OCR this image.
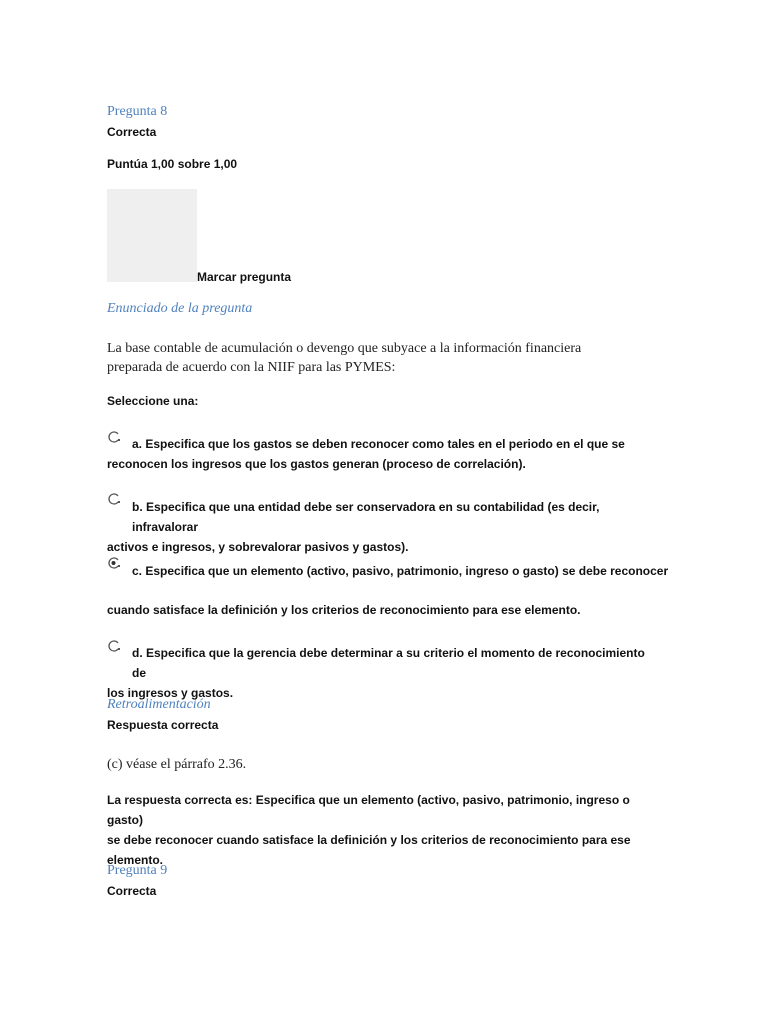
Pregunta 8
Correcta
Puntúa 1,00 sobre 1,00
Marcar pregunta
Enunciado de la pregunta
La base contable de acumulación o devengo que subyace a la información financiera
preparada de acuerdo con la NIIF para las PYMES:
Seleccione una:
a. Especifica que los gastos se deben reconocer como tales en el periodo en el que se
reconocen los ingresos que los gastos generan (proceso de correlación).
b. Especifica que una entidad debe ser conservadora en su contabilidad (es decir, infravalorar
activos e ingresos, y sobrevalorar pasivos y gastos).
c. Especifica que un elemento (activo, pasivo, patrimonio, ingreso o gasto) se debe reconocer
cuando satisface la definición y los criterios de reconocimiento para ese elemento.
d. Especifica que la gerencia debe determinar a su criterio el momento de reconocimiento de
los ingresos y gastos.
Retroalimentación
Respuesta correcta
(c) véase el párrafo 2.36.
La respuesta correcta es: Especifica que un elemento (activo, pasivo, patrimonio, ingreso o gasto)
se debe reconocer cuando satisface la definición y los criterios de reconocimiento para ese
elemento.
Pregunta 9
Correcta
